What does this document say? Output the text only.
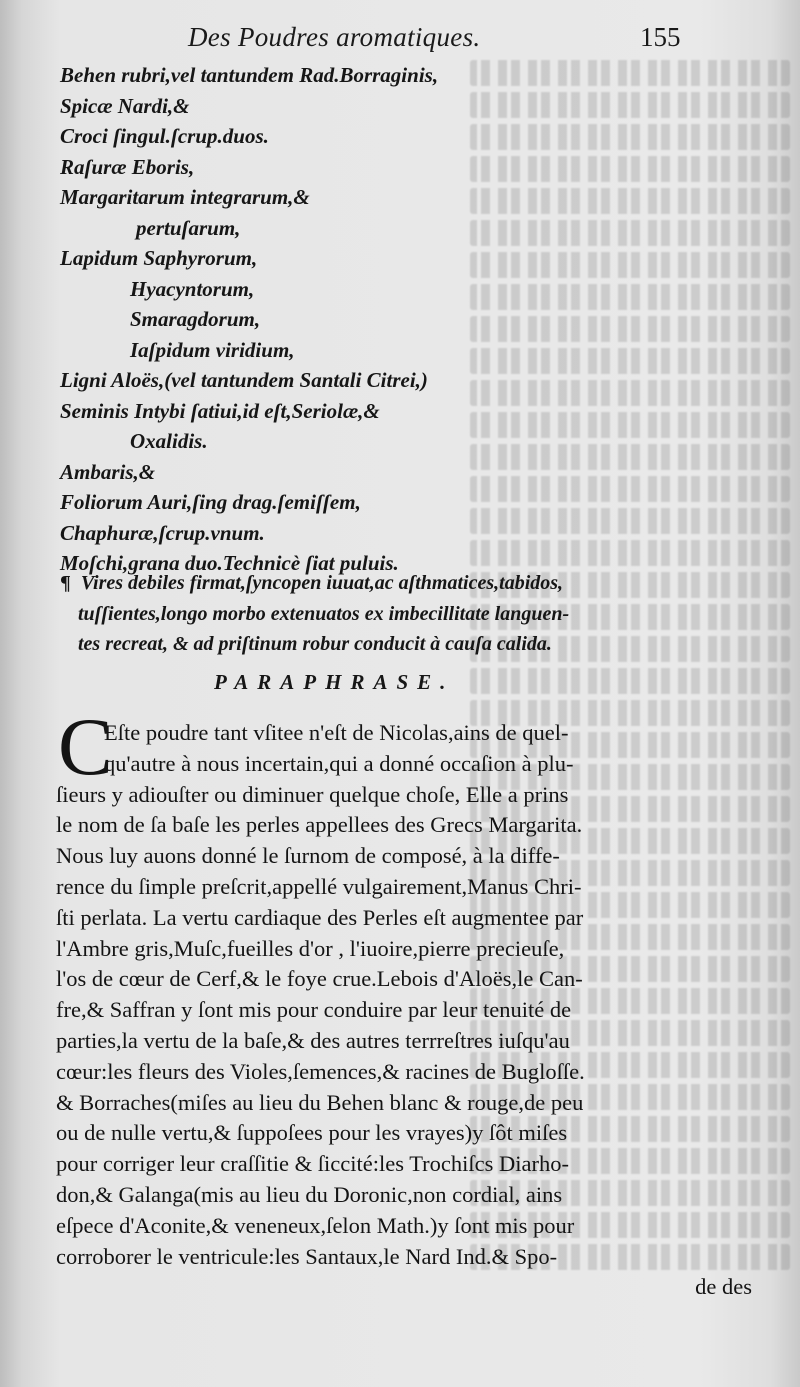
Des Poudres aromatiques.	155
Behen rubri,vel tantundem Rad.Borraginis,
Spicæ Nardi,&
Croci ſingul.ſcrup.duos.
Raſuræ Eboris,
Margaritarum integrarum,&
pertuſarum,
Lapidum Saphyrorum,
Hyacyntorum,
Smaragdorum,
Iaſpidum viridium,
Ligni Aloës,(vel tantundem Santali Citrei,)
Seminis Intybi ſatiui,id eſt,Seriolæ,&
Oxalidis.
Ambaris,&
Foliorum Auri,ſing drag.ſemiſſem,
Chaphuræ,ſcrup.vnum.
Moſchi,grana duo.Technicè ſiat puluis.
¶ Vires debiles firmat,ſyncopen iuuat,ac aſthmatices,tabidos,
tuſſientes,longo morbo extenuatos ex imbecillitate languen-
tes recreat, & ad priſtinum robur conducit à cauſa calida.
PARAPHRASE.
C
Eſte poudre tant vſitee n'eſt de Nicolas,ains de quel-
qu'autre à nous incertain,qui a donné occaſion à plu-
ſieurs y adiouſter ou diminuer quelque choſe, Elle a prins
le nom de ſa baſe les perles appellees des Grecs Margarita.
Nous luy auons donné le ſurnom de composé, à la diffe-
rence du ſimple preſcrit,appellé vulgairement,Manus Chri-
ſti perlata. La vertu cardiaque des Perles eſt augmentee par
l'Ambre gris,Muſc,fueilles d'or , l'iuoire,pierre precieuſe,
l'os de cœur de Cerf,& le foye crue.Lebois d'Aloës,le Can-
fre,& Saffran y ſont mis pour conduire par leur tenuité de
parties,la vertu de la baſe,& des autres terrreſtres iuſqu'au
cœur:les fleurs des Violes,ſemences,& racines de Bugloſſe.
& Borraches(miſes au lieu du Behen blanc & rouge,de peu
ou de nulle vertu,& ſuppoſees pour les vrayes)y ſôt miſes
pour corriger leur craſſitie & ſiccité:les Trochiſcs Diarho-
don,& Galanga(mis au lieu du Doronic,non cordial, ains
eſpece d'Aconite,& veneneux,ſelon Math.)y ſont mis pour
corroborer le ventricule:les Santaux,le Nard Ind.& Spo-
de des
